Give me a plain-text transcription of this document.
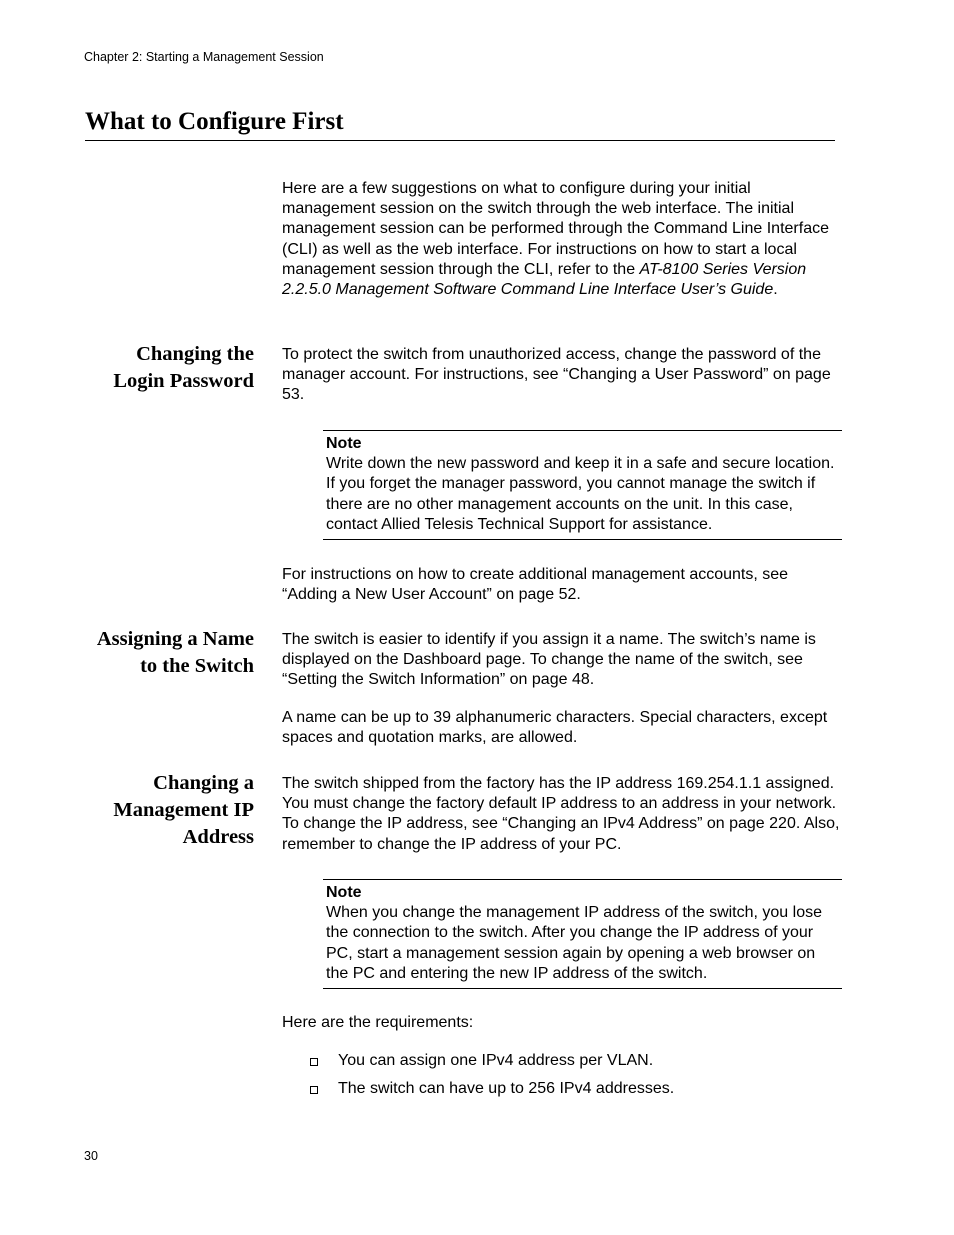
Chapter 2: Starting a Management Session
What to Configure First

Here are a few suggestions on what to configure during your initial management session on the switch through the web interface. The initial management session can be performed through the Command Line Interface (CLI) as well as the web interface. For instructions on how to start a local management session through the CLI, refer to the AT-8100 Series Version 2.2.5.0 Management Software Command Line Interface User’s Guide.

Changing the
Login Password

To protect the switch from unauthorized access, change the password of the manager account. For instructions, see “Changing a User Password” on page 53.

Note
Write down the new password and keep it in a safe and secure location. If you forget the manager password, you cannot manage the switch if there are no other management accounts on the unit. In this case, contact Allied Telesis Technical Support for assistance.

For instructions on how to create additional management accounts, see “Adding a New User Account” on page 52.

Assigning a Name
to the Switch

The switch is easier to identify if you assign it a name. The switch’s name is displayed on the Dashboard page. To change the name of the switch, see “Setting the Switch Information” on page 48.

A name can be up to 39 alphanumeric characters. Special characters, except spaces and quotation marks, are allowed.

Changing a
Management IP
Address

The switch shipped from the factory has the IP address 169.254.1.1 assigned. You must change the factory default IP address to an address in your network. To change the IP address, see “Changing an IPv4 Address” on page 220. Also, remember to change the IP address of your PC.

Note
When you change the management IP address of the switch, you lose the connection to the switch. After you change the IP address of your PC, start a management session again by opening a web browser on the PC and entering the new IP address of the switch.

Here are the requirements:

You can assign one IPv4 address per VLAN.
The switch can have up to 256 IPv4 addresses.
30
